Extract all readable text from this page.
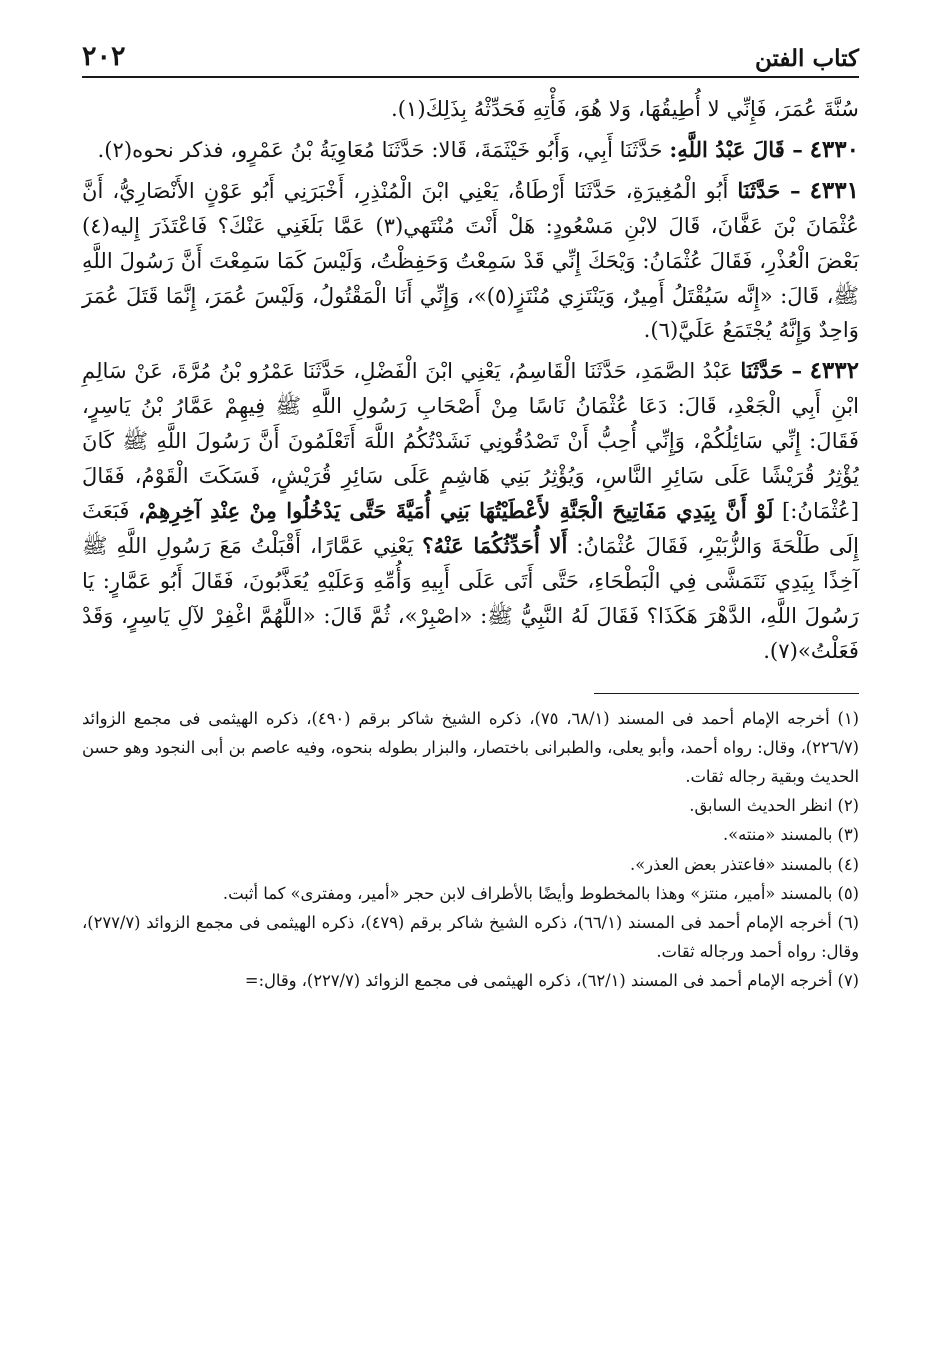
كتاب الفتن
٢٠٢

سُنَّةَ عُمَرَ، فَإِنِّي لا أُطِيقُهَا، وَلا هُوَ، فَأْتِهِ فَحَدِّثْهُ بِذَلِكَ(١).

٤٣٣٠ – قَالَ عَبْدُ اللَّهِ: حَدَّثَنَا أَبِي، وَأَبُو خَيْثَمَةَ، قَالا: حَدَّثَنَا مُعَاوِيَةُ بْنُ عَمْرٍو، فذكر نحوه(٢).

٤٣٣١ – حَدَّثَنَا أَبُو الْمُغِيرَةِ، حَدَّثَنَا أَرْطَاةُ، يَعْنِي ابْنَ الْمُنْذِرِ، أَخْبَرَنِي أَبُو عَوْنٍ الأَنْصَارِيُّ، أَنَّ عُثْمَانَ بْنَ عَفَّانَ، قَالَ لابْنِ مَسْعُودٍ: هَلْ أَنْتَ مُنْتَهي(٣) عَمَّا بَلَغَنِي عَنْكَ؟ فَاعْتَذَرَ إِليه(٤) بَعْضَ الْعُذْرِ، فَقَالَ عُثْمَانُ: وَيْحَكَ إِنِّي قَدْ سَمِعْتُ وَحَفِظْتُ، وَلَيْسَ كَمَا سَمِعْتَ أَنَّ رَسُولَ اللَّهِ ﷺ، قَالَ: «إِنَّه سَيُقْتَلُ أَمِيرٌ، وَيَنْتَزِي مُنْتَزٍ(٥)»، وَإِنِّي أَنَا الْمَقْتُولُ، وَلَيْسَ عُمَرَ، إِنَّمَا قَتَلَ عُمَرَ وَاحِدٌ وَإِنَّهُ يُجْتَمَعُ عَلَيَّ(٦).

٤٣٣٢ – حَدَّثَنَا عَبْدُ الصَّمَدِ، حَدَّثَنَا الْقَاسِمُ، يَعْنِي ابْنَ الْفَضْلِ، حَدَّثَنَا عَمْرُو بْنُ مُرَّةَ، عَنْ سَالِمِ ابْنِ أَبِي الْجَعْدِ، قَالَ: دَعَا عُثْمَانُ نَاسًا مِنْ أَصْحَابِ رَسُولِ اللَّهِ ﷺ فِيهِمْ عَمَّارُ بْنُ يَاسِرٍ، فَقَالَ: إِنِّي سَائِلُكُمْ، وَإِنِّي أُحِبُّ أَنْ تَصْدُقُونِي نَشَدْتُكُمُ اللَّهَ أَتَعْلَمُونَ أَنَّ رَسُولَ اللَّهِ ﷺ كَانَ يُؤْثِرُ قُرَيْشًا عَلَى سَائِرِ النَّاسِ، وَيُؤْثِرُ بَنِي هَاشِمٍ عَلَى سَائِرِ قُرَيْشٍ، فَسَكَتَ الْقَوْمُ، فَقَالَ [عُثْمَانُ:] لَوْ أَنَّ بِيَدِي مَفَاتِيحَ الْجَنَّةِ لأَعْطَيْتُهَا بَنِي أُمَيَّةَ حَتَّى يَدْخُلُوا مِنْ عِنْدِ آخِرِهِمْ، فَبَعَثَ إِلَى طَلْحَةَ وَالزُّبَيْرِ، فَقَالَ عُثْمَانُ: أَلا أُحَدِّثُكُمَا عَنْهُ؟ يَعْنِي عَمَّارًا، أَقْبَلْتُ مَعَ رَسُولِ اللَّهِ ﷺ آخِذًا بِيَدِي نَتَمَشَّى فِي الْبَطْحَاءِ، حَتَّى أَتَى عَلَى أَبِيهِ وَأُمِّهِ وَعَلَيْهِ يُعَذَّبُونَ، فَقَالَ أَبُو عَمَّارٍ: يَا رَسُولَ اللَّهِ، الدَّهْرَ هَكَذَا؟ فَقَالَ لَهُ النَّبِيُّ ﷺ: «اصْبِرْ»، ثُمَّ قَالَ: «اللَّهُمَّ اغْفِرْ لآلِ يَاسِرٍ، وَقَدْ فَعَلْتُ»(٧).

(١) أخرجه الإمام أحمد فى المسند (٦٨/١، ٧٥)، ذكره الشيخ شاكر برقم (٤٩٠)، ذكره الهيثمى فى مجمع الزوائد (٢٢٦/٧)، وقال: رواه أحمد، وأبو يعلى، والطبرانى باختصار، والبزار بطوله بنحوه، وفيه عاصم بن أبى النجود وهو حسن الحديث وبقية رجاله ثقات.

(٢) انظر الحديث السابق.

(٣) بالمسند «منته».

(٤) بالمسند «فاعتذر بعض العذر».

(٥) بالمسند «أمير، منتز» وهذا بالمخطوط وأيضًا بالأطراف لابن حجر «أمير، ومفترى» كما أثبت.

(٦) أخرجه الإمام أحمد فى المسند (٦٦/١)، ذكره الشيخ شاكر برقم (٤٧٩)، ذكره الهيثمى فى مجمع الزوائد (٢٧٧/٧)، وقال: رواه أحمد ورجاله ثقات.

(٧) أخرجه الإمام أحمد فى المسند (٦٢/١)، ذكره الهيثمى فى مجمع الزوائد (٢٢٧/٧)، وقال:=
